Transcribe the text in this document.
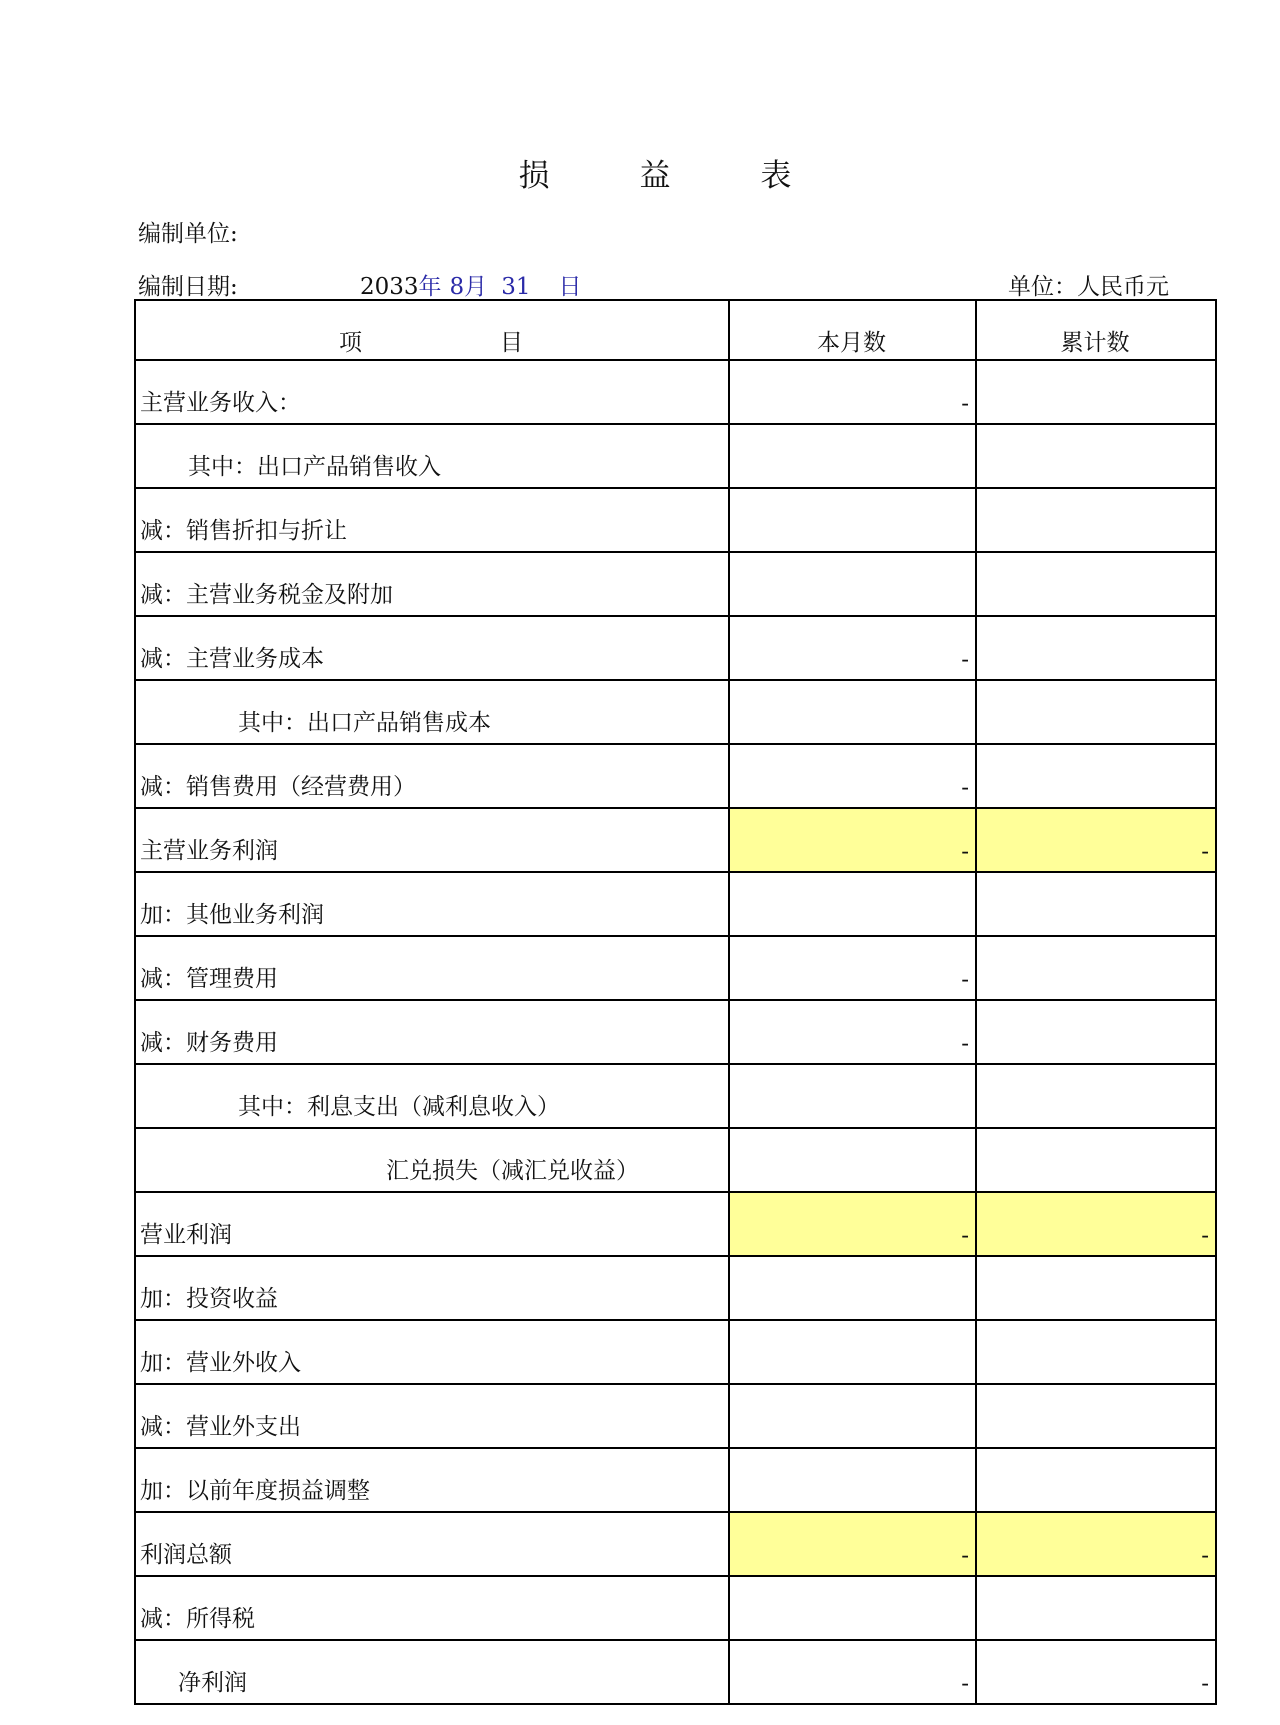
损 益 表
编制单位:
编制日期:	2033年 8月 31 日	单位：人民币元
项　　　　　　目	本月数	累计数
主营业务收入：	-	
其中：出口产品销售收入		
减：销售折扣与折让		
减：主营业务税金及附加		
减：主营业务成本	-	
其中：出口产品销售成本		
减：销售费用（经营费用）	-	
主营业务利润	-	-
加：其他业务利润		
减：管理费用	-	
减：财务费用	-	
其中：利息支出（减利息收入）		
汇兑损失（减汇兑收益）		
营业利润	-	-
加：投资收益		
加：营业外收入		
减：营业外支出		
加：以前年度损益调整		
利润总额	-	-
减：所得税		
净利润	-	-
